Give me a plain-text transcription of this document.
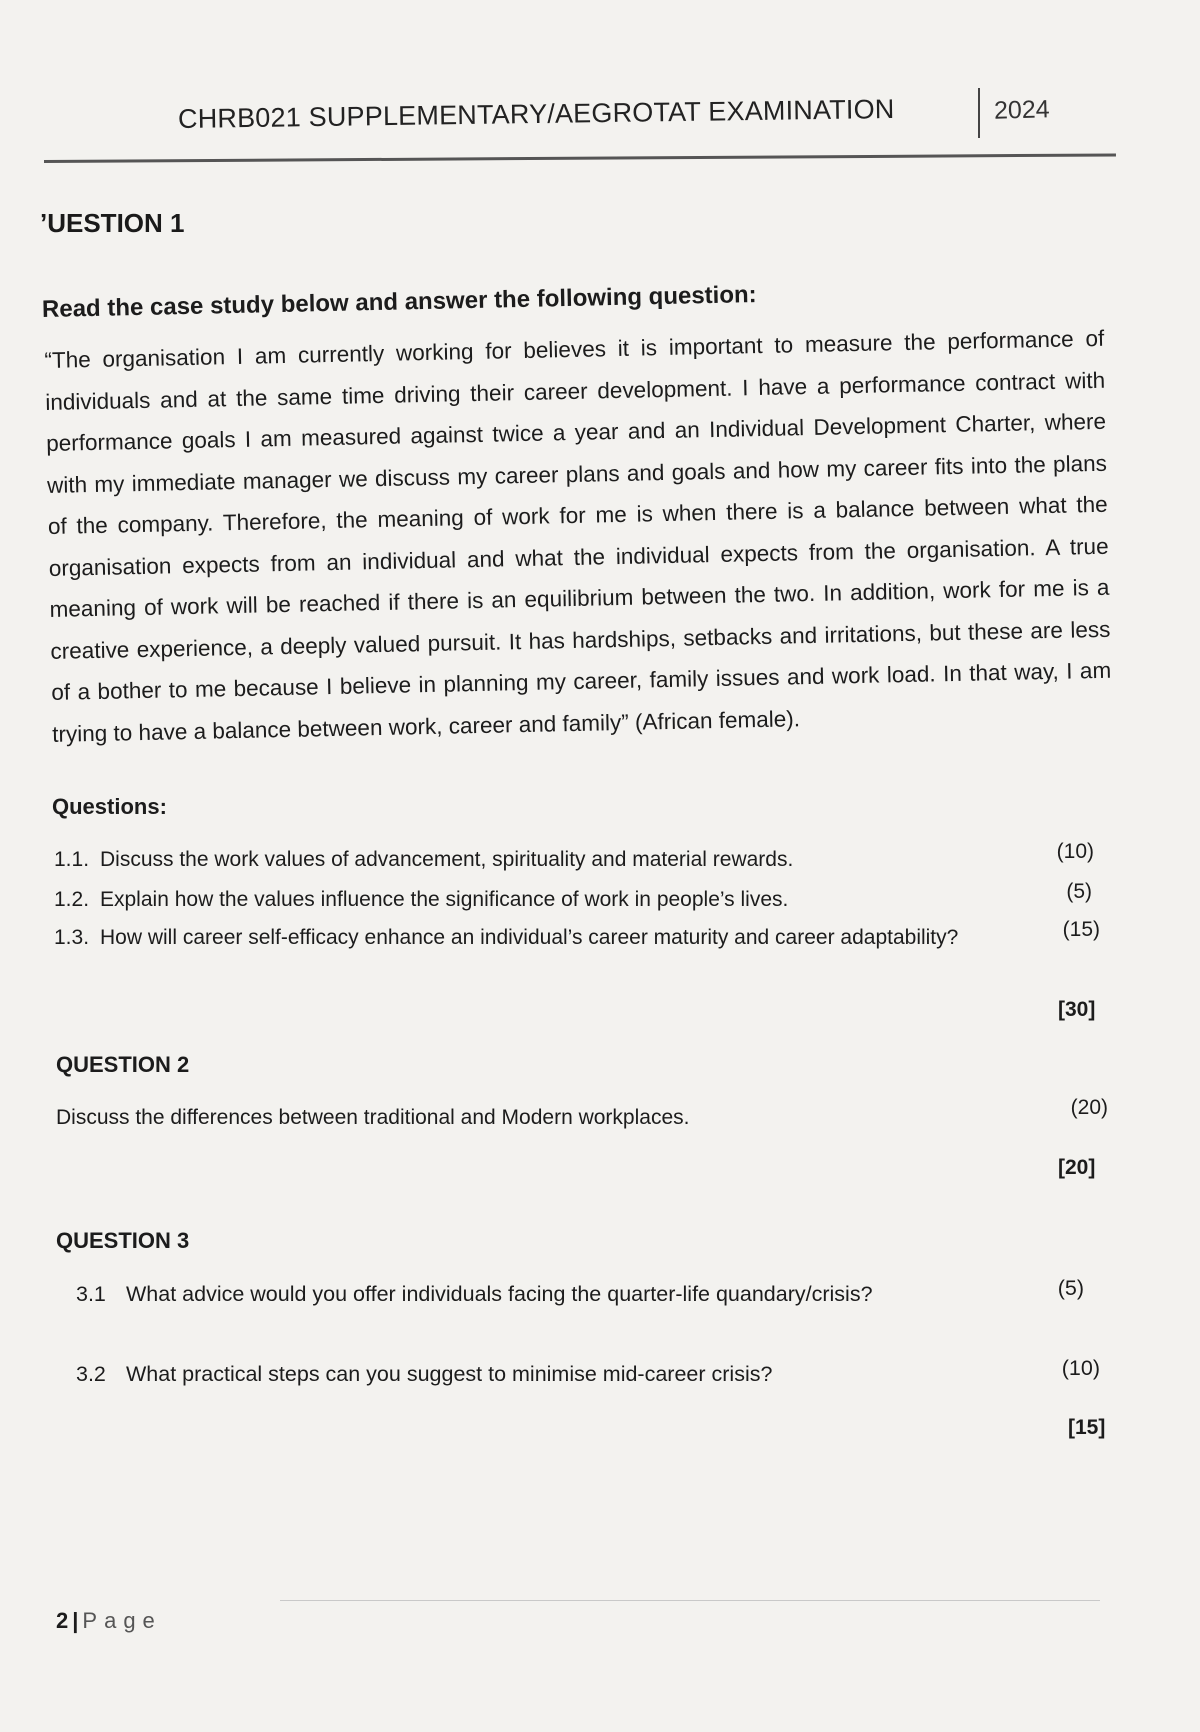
CHRB021 SUPPLEMENTARY/AEGROTAT EXAMINATION	2024
’UESTION 1
Read the case study below and answer the following question:
“The organisation I am currently working for believes it is important to measure the performance of individuals and at the same time driving their career development. I have a performance contract with performance goals I am measured against twice a year and an Individual Development Charter, where with my immediate manager we discuss my career plans and goals and how my career fits into the plans of the company. Therefore, the meaning of work for me is when there is a balance between what the organisation expects from an individual and what the individual expects from the organisation. A true meaning of work will be reached if there is an equilibrium between the two. In addition, work for me is a creative experience, a deeply valued pursuit. It has hardships, setbacks and irritations, but these are less of a bother to me because I believe in planning my career, family issues and work load. In that way, I am trying to have a balance between work, career and family” (African female).
Questions:
1.1. Discuss the work values of advancement, spirituality and material rewards.	(10)
1.2. Explain how the values influence the significance of work in people’s lives.	(5)
1.3. How will career self-efficacy enhance an individual’s career maturity and career adaptability?	(15)
[30]
QUESTION 2
Discuss the differences between traditional and Modern workplaces.	(20)
[20]
QUESTION 3
3.1 What advice would you offer individuals facing the quarter-life quandary/crisis?	(5)
3.2 What practical steps can you suggest to minimise mid-career crisis?	(10)
[15]
2 | Page
